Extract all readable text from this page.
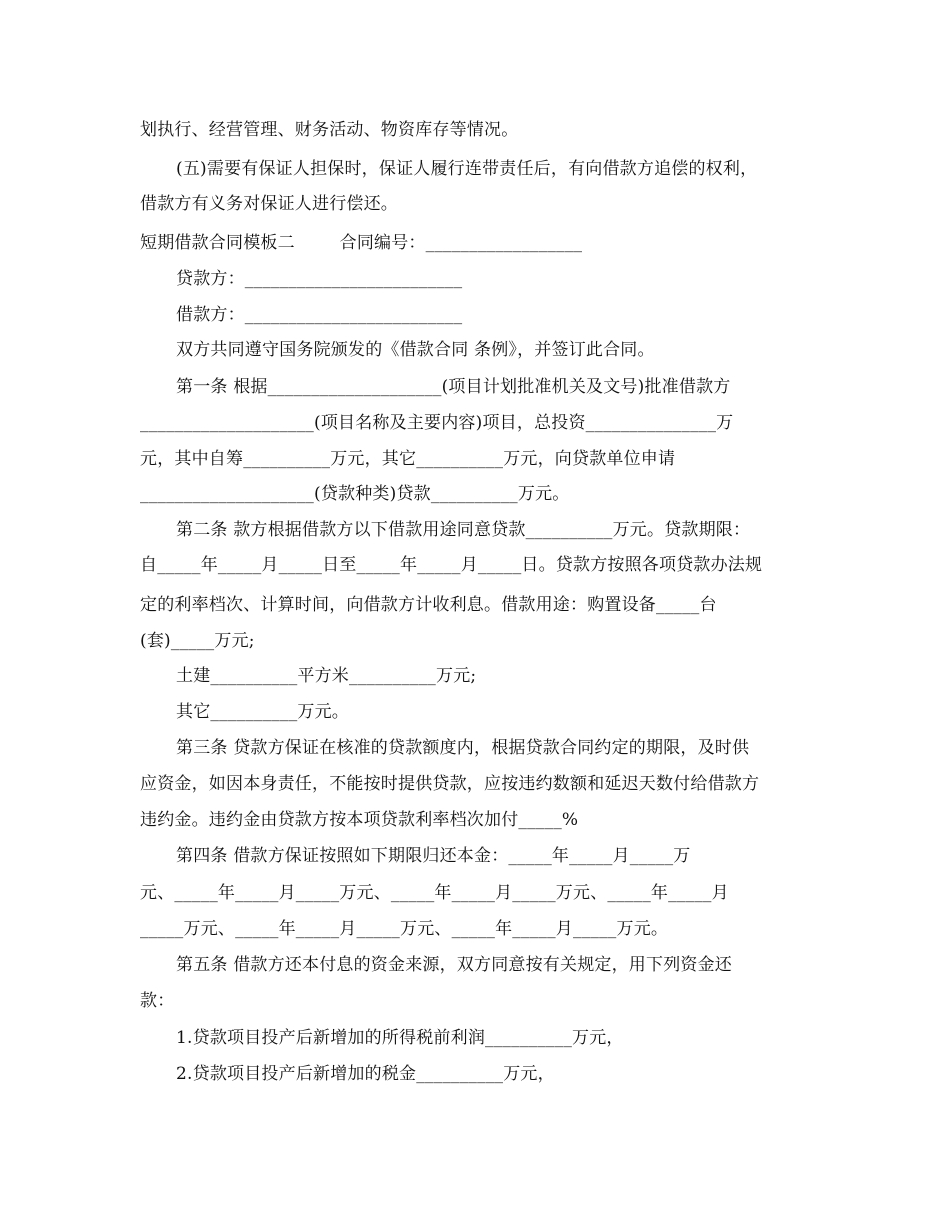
划执行、经营管理、财务活动、物资库存等情况。
(五)需要有保证人担保时，保证人履行连带责任后，有向借款方追偿的权利，
借款方有义务对保证人进行偿还。
短期借款合同模板二        合同编号：__________________
贷款方：_________________________
借款方：_________________________
双方共同遵守国务院颁发的《借款合同 条例》，并签订此合同。
第一条 根据____________________(项目计划批准机关及文号)批准借款方
____________________(项目名称及主要内容)项目，总投资_______________万
元，其中自筹__________万元，其它__________万元，向贷款单位申请
____________________(贷款种类)贷款__________万元。
第二条 款方根据借款方以下借款用途同意贷款__________万元。贷款期限：
自_____年_____月_____日至_____年_____月_____日。贷款方按照各项贷款办法规
定的利率档次、计算时间，向借款方计收利息。借款用途：购置设备_____台
(套)_____万元;
土建__________平方米__________万元;
其它__________万元。
第三条 贷款方保证在核准的贷款额度内，根据贷款合同约定的期限，及时供
应资金，如因本身责任，不能按时提供贷款，应按违约数额和延迟天数付给借款方
违约金。违约金由贷款方按本项贷款利率档次加付_____%
第四条 借款方保证按照如下期限归还本金：_____年_____月_____万
元、_____年_____月_____万元、_____年_____月_____万元、_____年_____月
_____万元、_____年_____月_____万元、_____年_____月_____万元。
第五条 借款方还本付息的资金来源，双方同意按有关规定，用下列资金还
款：
1.贷款项目投产后新增加的所得税前利润__________万元，
2.贷款项目投产后新增加的税金__________万元，
